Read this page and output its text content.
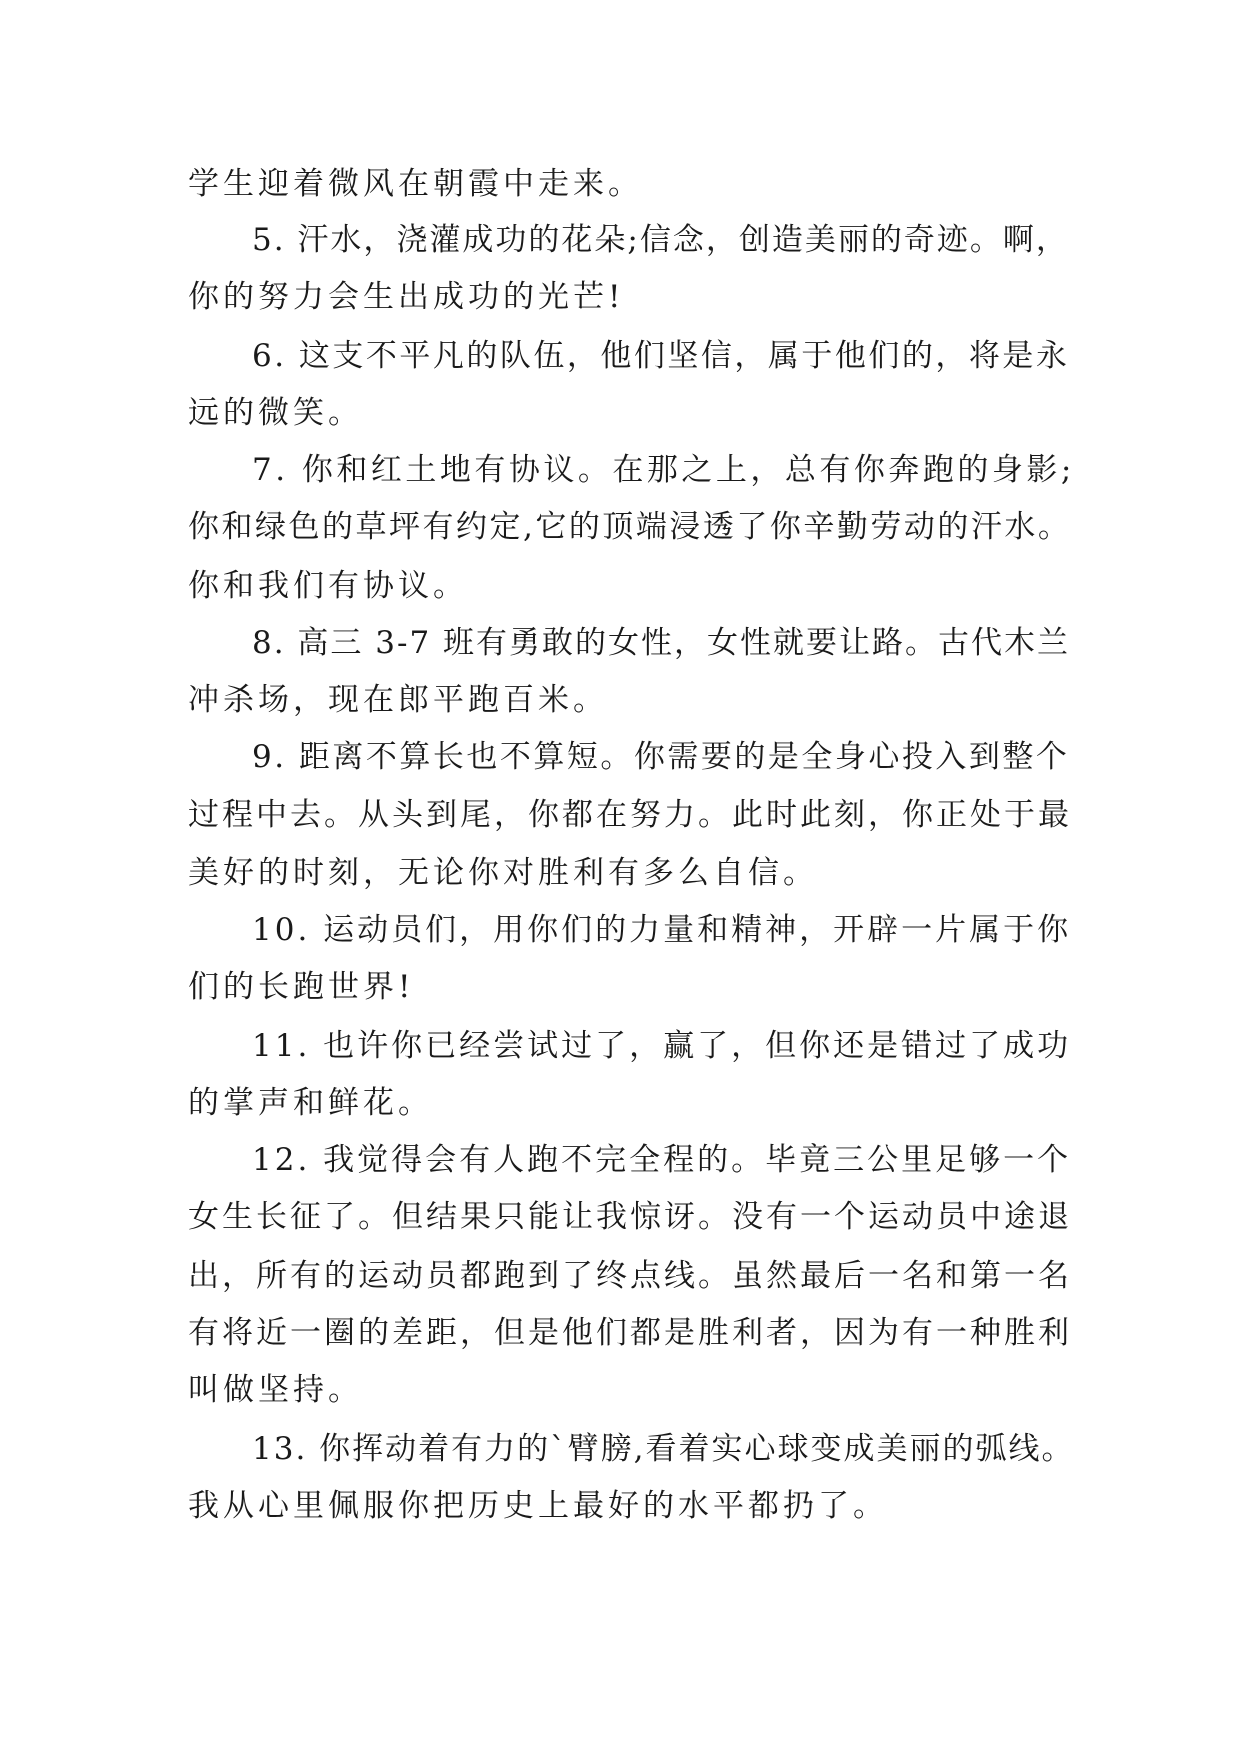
学生迎着微风在朝霞中走来。
5. 汗水，浇灌成功的花朵;信念，创造美丽的奇迹。啊，
你的努力会生出成功的光芒!
6. 这支不平凡的队伍，他们坚信，属于他们的，将是永
远的微笑。
7. 你和红土地有协议。在那之上，总有你奔跑的身影;
你和绿色的草坪有约定,它的顶端浸透了你辛勤劳动的汗水。
你和我们有协议。
8. 高三 3-7 班有勇敢的女性，女性就要让路。古代木兰
冲杀场，现在郎平跑百米。
9. 距离不算长也不算短。你需要的是全身心投入到整个
过程中去。从头到尾，你都在努力。此时此刻，你正处于最
美好的时刻，无论你对胜利有多么自信。
10. 运动员们，用你们的力量和精神，开辟一片属于你
们的长跑世界!
11. 也许你已经尝试过了，赢了，但你还是错过了成功
的掌声和鲜花。
12. 我觉得会有人跑不完全程的。毕竟三公里足够一个
女生长征了。但结果只能让我惊讶。没有一个运动员中途退
出，所有的运动员都跑到了终点线。虽然最后一名和第一名
有将近一圈的差距，但是他们都是胜利者，因为有一种胜利
叫做坚持。
13. 你挥动着有力的`臂膀,看着实心球变成美丽的弧线。
我从心里佩服你把历史上最好的水平都扔了。
